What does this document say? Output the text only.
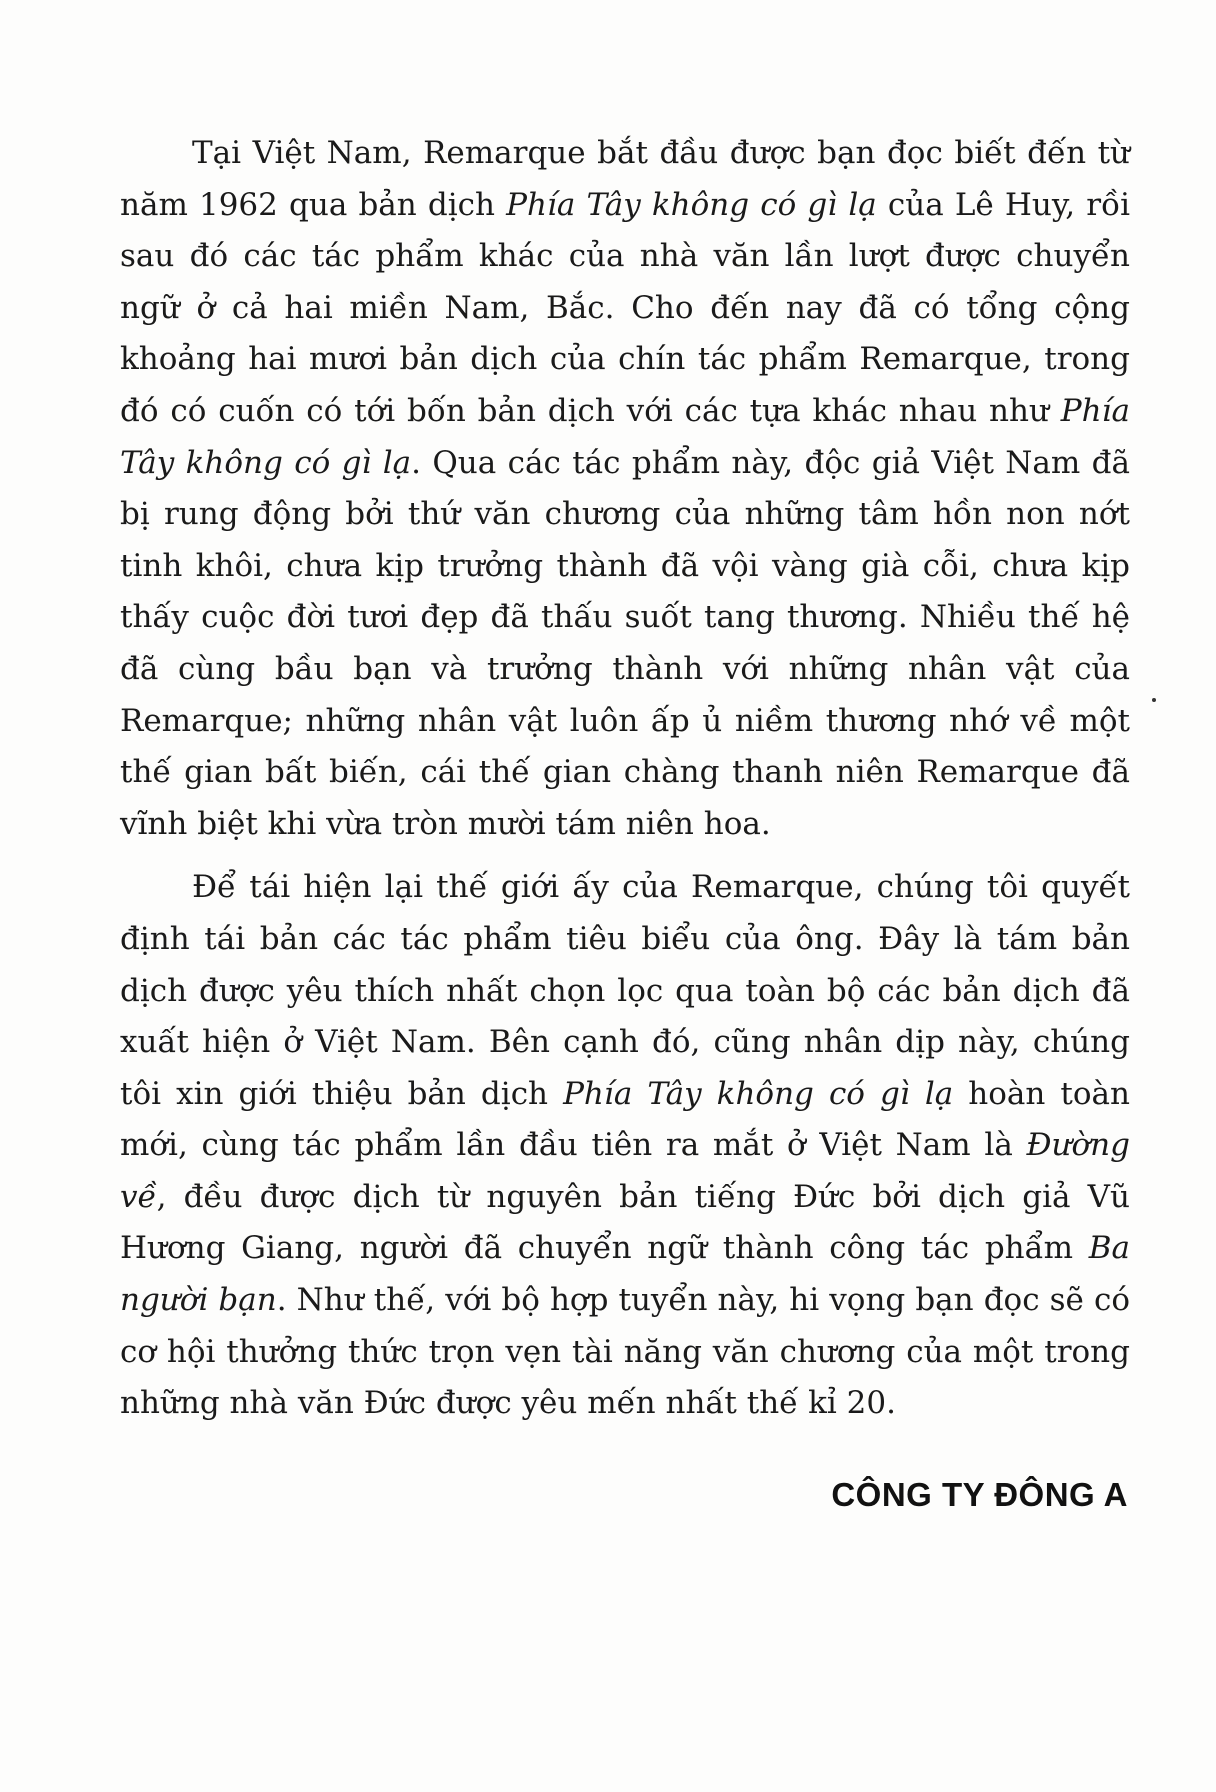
Tại Việt Nam, Remarque bắt đầu được bạn đọc biết đến từ năm 1962 qua bản dịch Phía Tây không có gì lạ của Lê Huy, rồi sau đó các tác phẩm khác của nhà văn lần lượt được chuyển ngữ ở cả hai miền Nam, Bắc. Cho đến nay đã có tổng cộng khoảng hai mươi bản dịch của chín tác phẩm Remarque, trong đó có cuốn có tới bốn bản dịch với các tựa khác nhau như Phía Tây không có gì lạ. Qua các tác phẩm này, độc giả Việt Nam đã bị rung động bởi thứ văn chương của những tâm hồn non nớt tinh khôi, chưa kịp trưởng thành đã vội vàng già cỗi, chưa kịp thấy cuộc đời tươi đẹp đã thấu suốt tang thương. Nhiều thế hệ đã cùng bầu bạn và trưởng thành với những nhân vật của Remarque; những nhân vật luôn ấp ủ niềm thương nhớ về một thế gian bất biến, cái thế gian chàng thanh niên Remarque đã vĩnh biệt khi vừa tròn mười tám niên hoa.

Để tái hiện lại thế giới ấy của Remarque, chúng tôi quyết định tái bản các tác phẩm tiêu biểu của ông. Đây là tám bản dịch được yêu thích nhất chọn lọc qua toàn bộ các bản dịch đã xuất hiện ở Việt Nam. Bên cạnh đó, cũng nhân dịp này, chúng tôi xin giới thiệu bản dịch Phía Tây không có gì lạ hoàn toàn mới, cùng tác phẩm lần đầu tiên ra mắt ở Việt Nam là Đường về, đều được dịch từ nguyên bản tiếng Đức bởi dịch giả Vũ Hương Giang, người đã chuyển ngữ thành công tác phẩm Ba người bạn. Như thế, với bộ hợp tuyển này, hi vọng bạn đọc sẽ có cơ hội thưởng thức trọn vẹn tài năng văn chương của một trong những nhà văn Đức được yêu mến nhất thế kỉ 20.

CÔNG TY ĐÔNG A
